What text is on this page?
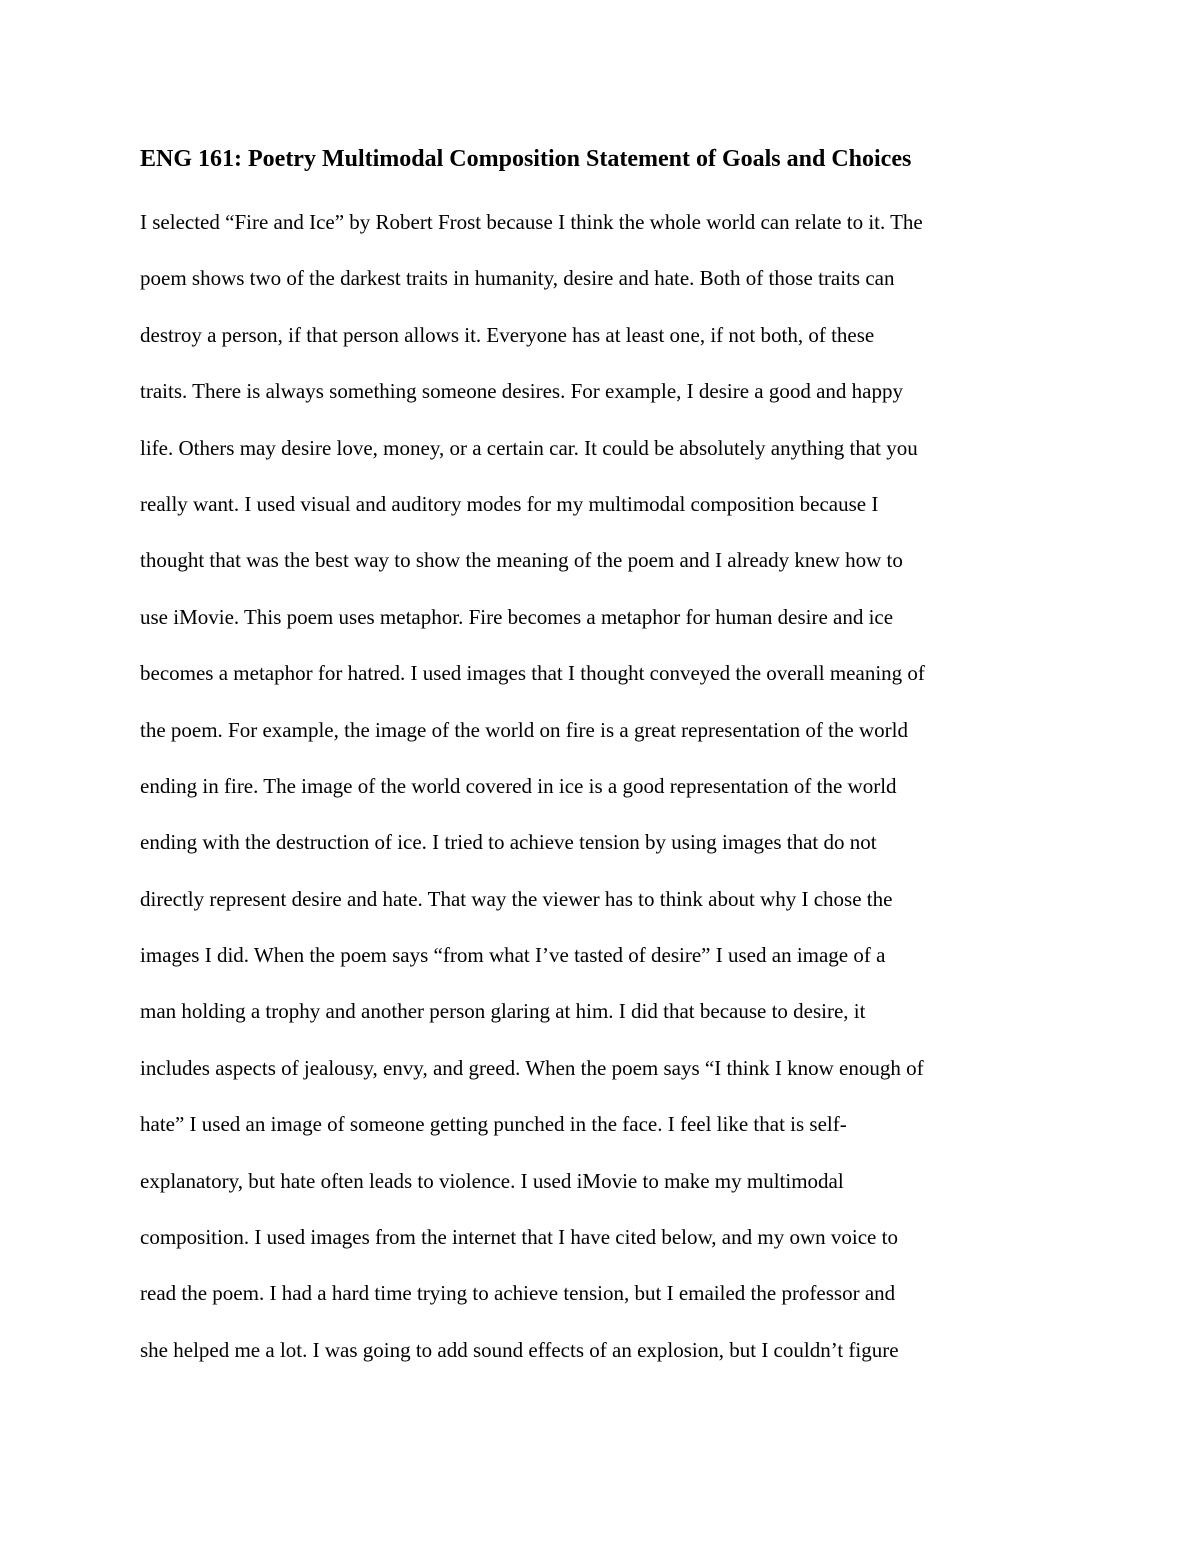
ENG 161: Poetry Multimodal Composition Statement of Goals and Choices
I selected “Fire and Ice” by Robert Frost because I think the whole world can relate to it. The
poem shows two of the darkest traits in humanity, desire and hate. Both of those traits can
destroy a person, if that person allows it. Everyone has at least one, if not both, of these
traits. There is always something someone desires. For example, I desire a good and happy
life. Others may desire love, money, or a certain car. It could be absolutely anything that you
really want. I used visual and auditory modes for my multimodal composition because I
thought that was the best way to show the meaning of the poem and I already knew how to
use iMovie. This poem uses metaphor. Fire becomes a metaphor for human desire and ice
becomes a metaphor for hatred. I used images that I thought conveyed the overall meaning of
the poem. For example, the image of the world on fire is a great representation of the world
ending in fire. The image of the world covered in ice is a good representation of the world
ending with the destruction of ice. I tried to achieve tension by using images that do not
directly represent desire and hate. That way the viewer has to think about why I chose the
images I did. When the poem says “from what I’ve tasted of desire” I used an image of a
man holding a trophy and another person glaring at him. I did that because to desire, it
includes aspects of jealousy, envy, and greed. When the poem says “I think I know enough of
hate” I used an image of someone getting punched in the face. I feel like that is self-
explanatory, but hate often leads to violence. I used iMovie to make my multimodal
composition. I used images from the internet that I have cited below, and my own voice to
read the poem. I had a hard time trying to achieve tension, but I emailed the professor and
she helped me a lot. I was going to add sound effects of an explosion, but I couldn’t figure
